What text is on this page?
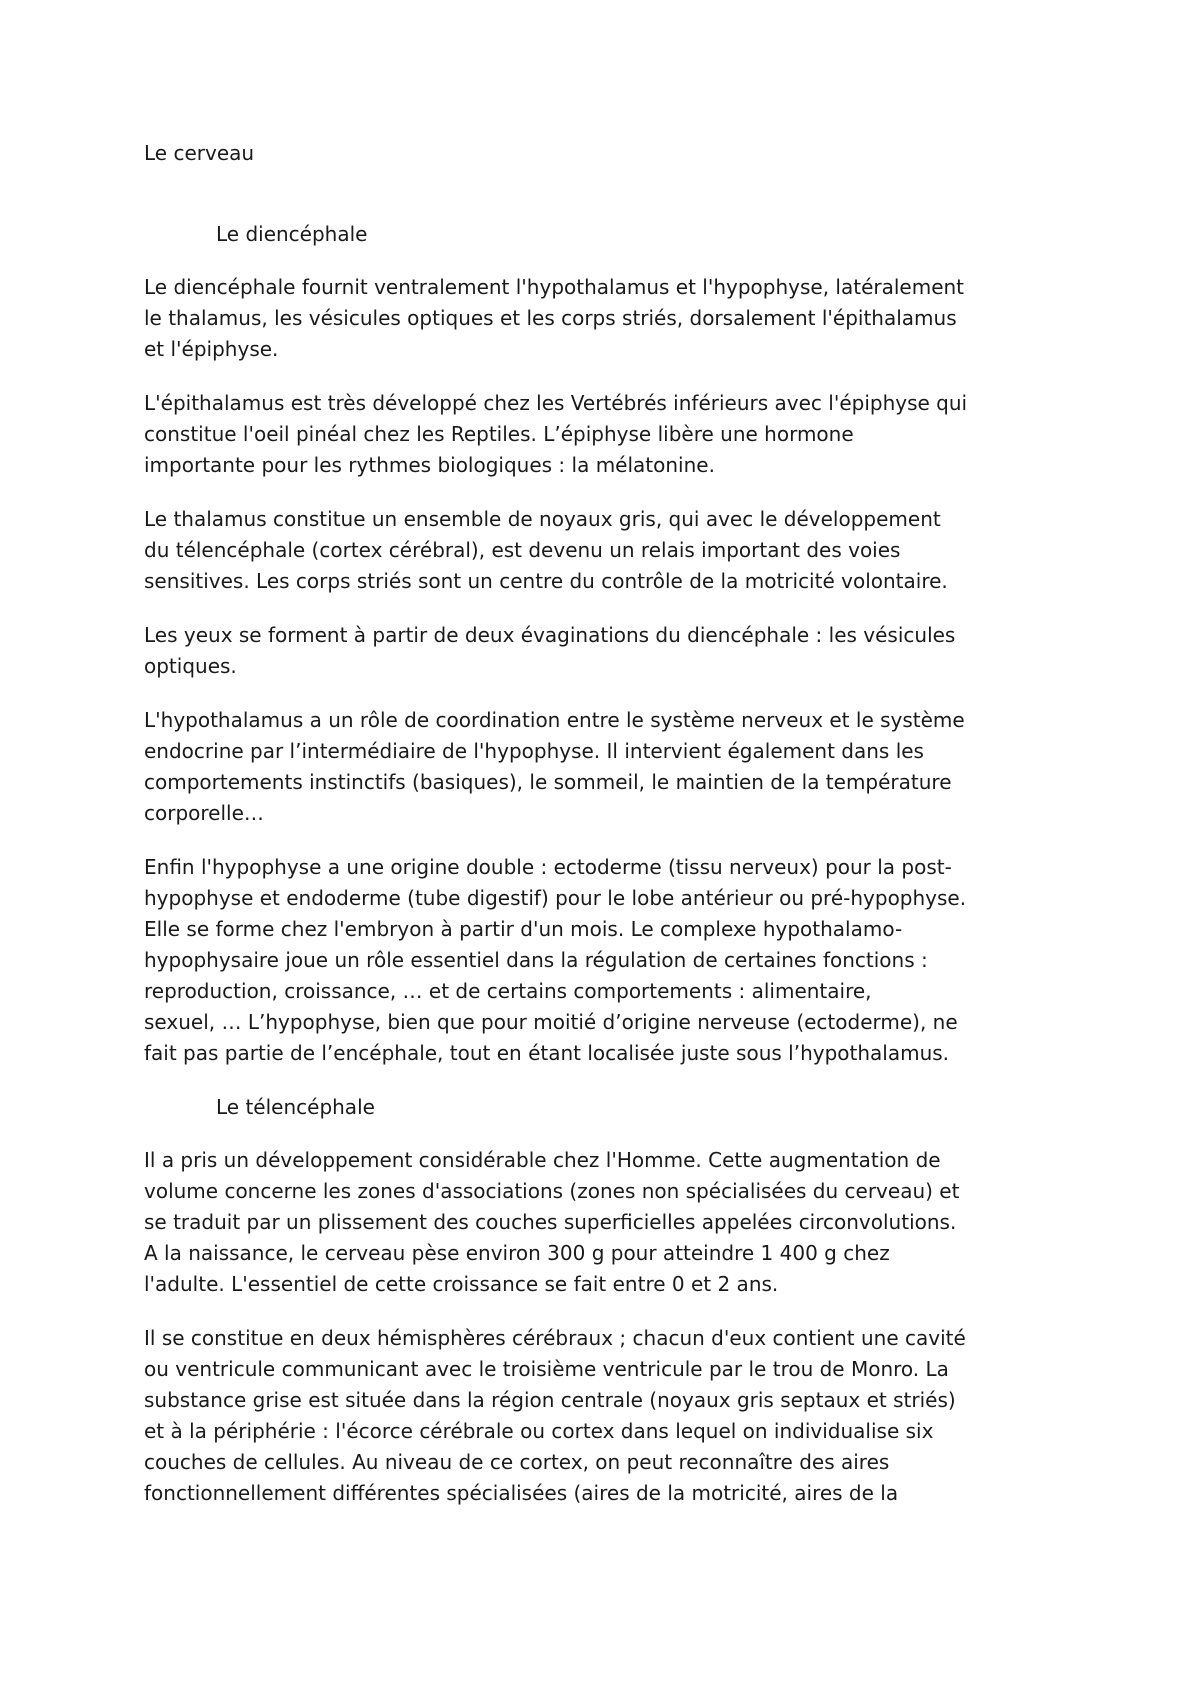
Le cerveau
Le diencéphale

Le diencéphale fournit ventralement l'hypothalamus et l'hypophyse, latéralement
le thalamus, les vésicules optiques et les corps striés, dorsalement l'épithalamus
et l'épiphyse.

L'épithalamus est très développé chez les Vertébrés inférieurs avec l'épiphyse qui
constitue l'oeil pinéal chez les Reptiles. L’épiphyse libère une hormone
importante pour les rythmes biologiques : la mélatonine.

Le thalamus constitue un ensemble de noyaux gris, qui avec le développement
du télencéphale (cortex cérébral), est devenu un relais important des voies
sensitives. Les corps striés sont un centre du contrôle de la motricité volontaire.

Les yeux se forment à partir de deux évaginations du diencéphale : les vésicules
optiques.

L'hypothalamus a un rôle de coordination entre le système nerveux et le système
endocrine par l’intermédiaire de l'hypophyse. Il intervient également dans les
comportements instinctifs (basiques), le sommeil, le maintien de la température
corporelle…

Enfin l'hypophyse a une origine double : ectoderme (tissu nerveux) pour la post-
hypophyse et endoderme (tube digestif) pour le lobe antérieur ou pré-hypophyse.
Elle se forme chez l'embryon à partir d'un mois. Le complexe hypothalamo-
hypophysaire joue un rôle essentiel dans la régulation de certaines fonctions :
reproduction, croissance, … et de certains comportements : alimentaire,
sexuel, … L’hypophyse, bien que pour moitié d’origine nerveuse (ectoderme), ne
fait pas partie de l’encéphale, tout en étant localisée juste sous l’hypothalamus.

Le télencéphale

Il a pris un développement considérable chez l'Homme. Cette augmentation de
volume concerne les zones d'associations (zones non spécialisées du cerveau) et
se traduit par un plissement des couches superficielles appelées circonvolutions.
A la naissance, le cerveau pèse environ 300 g pour atteindre 1 400 g chez
l'adulte. L'essentiel de cette croissance se fait entre 0 et 2 ans.

Il se constitue en deux hémisphères cérébraux ; chacun d'eux contient une cavité
ou ventricule communicant avec le troisième ventricule par le trou de Monro. La
substance grise est située dans la région centrale (noyaux gris septaux et striés)
et à la périphérie : l'écorce cérébrale ou cortex dans lequel on individualise six
couches de cellules. Au niveau de ce cortex, on peut reconnaître des aires
fonctionnellement différentes spécialisées (aires de la motricité, aires de la
